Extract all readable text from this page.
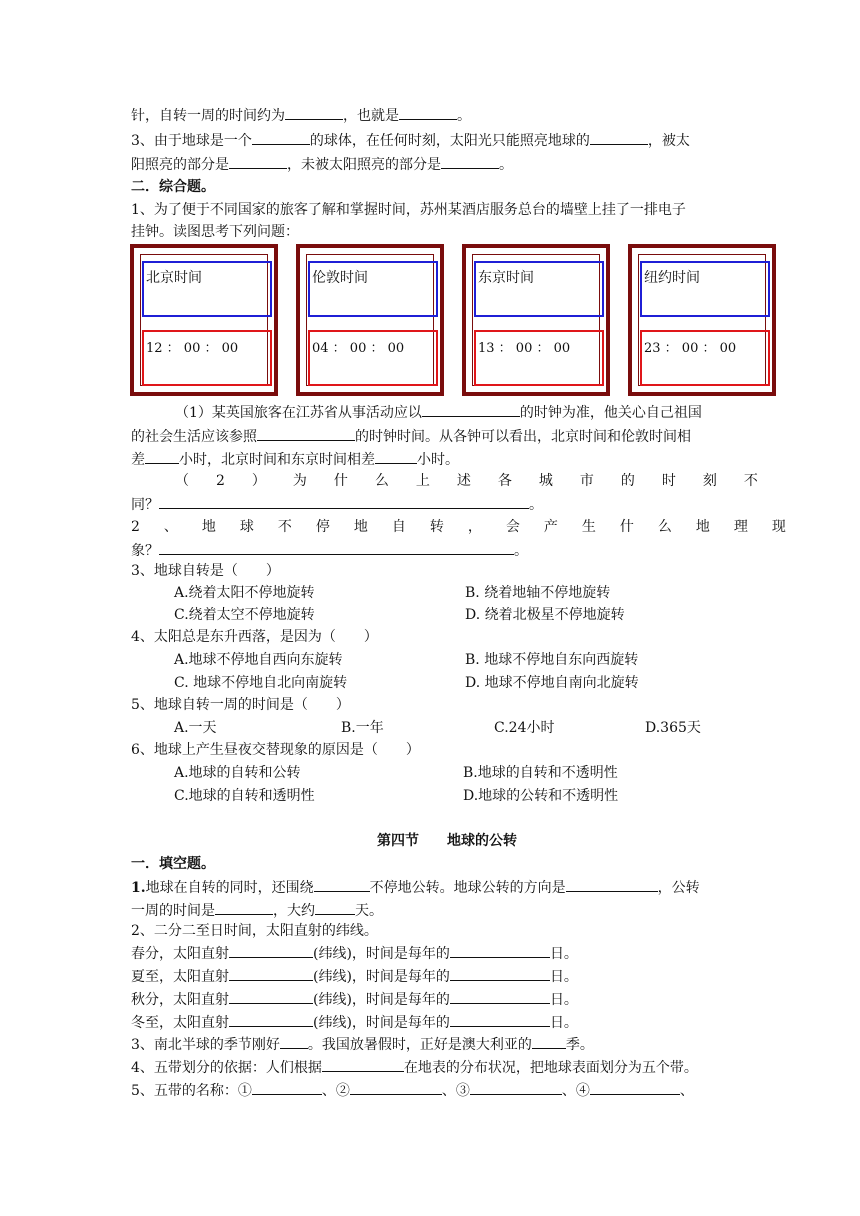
针，自转一周的时间约为	，也就是	。
3、由于地球是一个	的球体，在任何时刻，太阳光只能照亮地球的	，被太
阳照亮的部分是	，未被太阳照亮的部分是	。
二．综合题。
1、为了便于不同国家的旅客了解和掌握时间，苏州某酒店服务总台的墙壁上挂了一排电子
挂钟。读图思考下列问题：
北京时间
12 ： 00 ： 00
伦敦时间
04 ： 00 ： 00
东京时间
13 ： 00 ： 00
纽约时间
23 ： 00 ： 00
（1）某英国旅客在江苏省从事活动应以	的时钟为准，他关心自己祖国
的社会生活应该参照	的时钟时间。从各钟可以看出，北京时间和伦敦时间相
差 小时，北京时间和东京时间相差	小时。
（2）为什么上述各城市的时刻不
同？	。
2、地球不停地自转，会产生什么地理现
象？	。
3、地球自转是（　　）
A.绕着太阳不停地旋转	B. 绕着地轴不停地旋转
C.绕着太空不停地旋转	D. 绕着北极星不停地旋转
4、太阳总是东升西落，是因为（　　）
A.地球不停地自西向东旋转	B. 地球不停地自东向西旋转
C. 地球不停地自北向南旋转	D. 地球不停地自南向北旋转
5、地球自转一周的时间是（　　）
A.一天	B.一年	C.24小时	D.365天
6、地球上产生昼夜交替现象的原因是（　　）
A.地球的自转和公转	B.地球的自转和不透明性
C.地球的自转和透明性	D.地球的公转和不透明性
第四节　　地球的公转
一．填空题。
1.地球在自转的同时，还围绕	不停地公转。地球公转的方向是	，公转
一周的时间是	，大约	天。
2、二分二至日时间，太阳直射的纬线。
春分，太阳直射	(纬线)，时间是每年的	日。
夏至，太阳直射	(纬线)，时间是每年的	日。
秋分，太阳直射	(纬线)，时间是每年的	日。
冬至，太阳直射	(纬线)，时间是每年的	日。
3、南北半球的季节刚好 。我国放暑假时，正好是澳大利亚的 季。
4、五带划分的依据：人们根据	在地表的分布状况，把地球表面划分为五个带。
5、五带的名称：①	、②	、③	、④	、
